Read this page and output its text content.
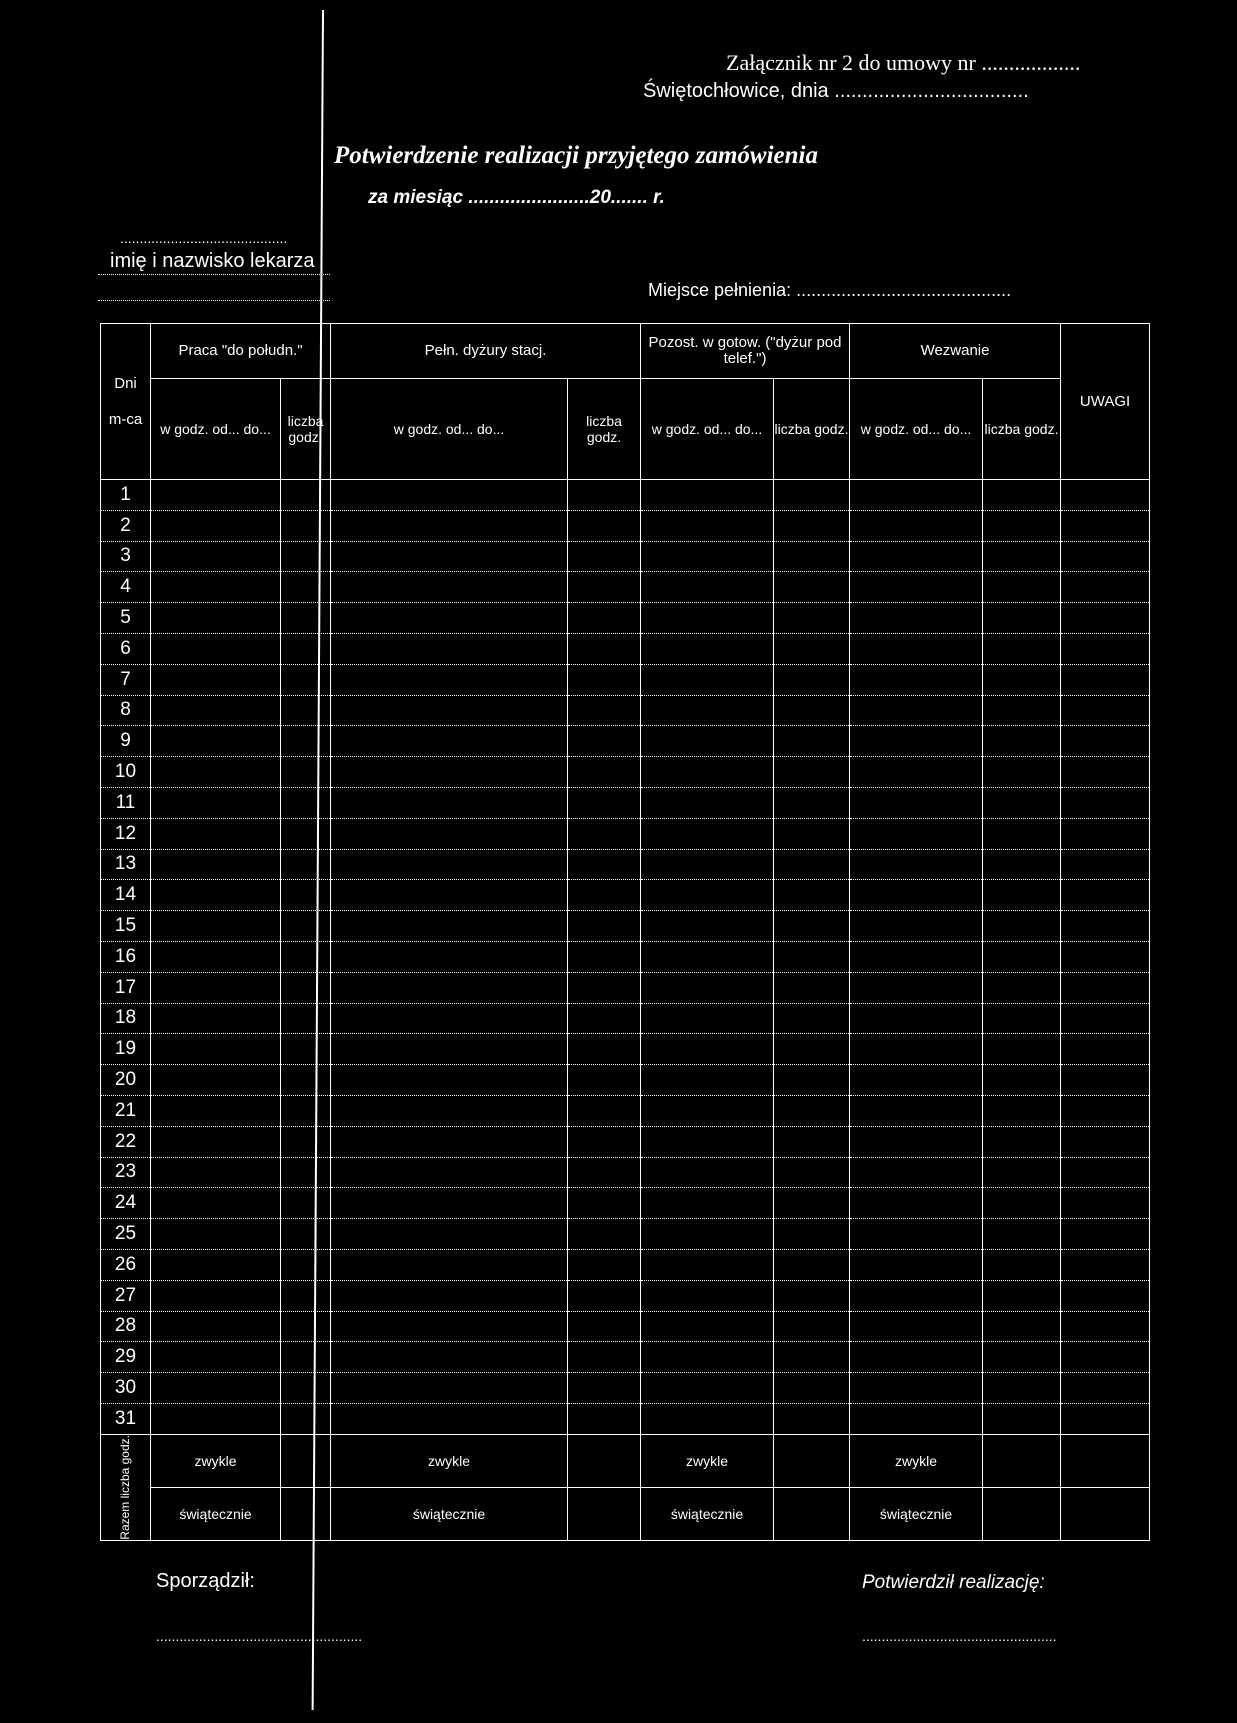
Załącznik nr 2 do umowy nr ..................
Świętochłowice, dnia ...................................
Potwierdzenie realizacji przyjętego zamówienia
za miesiąc .......................20....... r.
...........................................
imię i nazwisko lekarza
Miejsce pełnienia: ...........................................
Dni
m-ca	Praca "do połudn."		Pełn. dyżury stacj.		Pozost. w gotow. ("dyżur pod telef.")		Wezwanie		UWAGI
	w godz. od... do...	liczba godz.	w godz. od... do...	liczba godz.	w godz. od... do...	liczba godz.	w godz. od... do...	liczba godz.	
1									
2									
3									
4									
5									
6									
7									
8									
9									
10									
11									
12									
13									
14									
15									
16									
17									
18									
19									
20									
21									
22									
23									
24									
25									
26									
27									
28									
29									
30									
31									

Razem liczba godz.	zwykle		zwykle		zwykle		zwykle		
	świątecznie		świątecznie		świątecznie		świątecznie		
Sporządził:
.....................................................
Potwierdził realizację:
..................................................
